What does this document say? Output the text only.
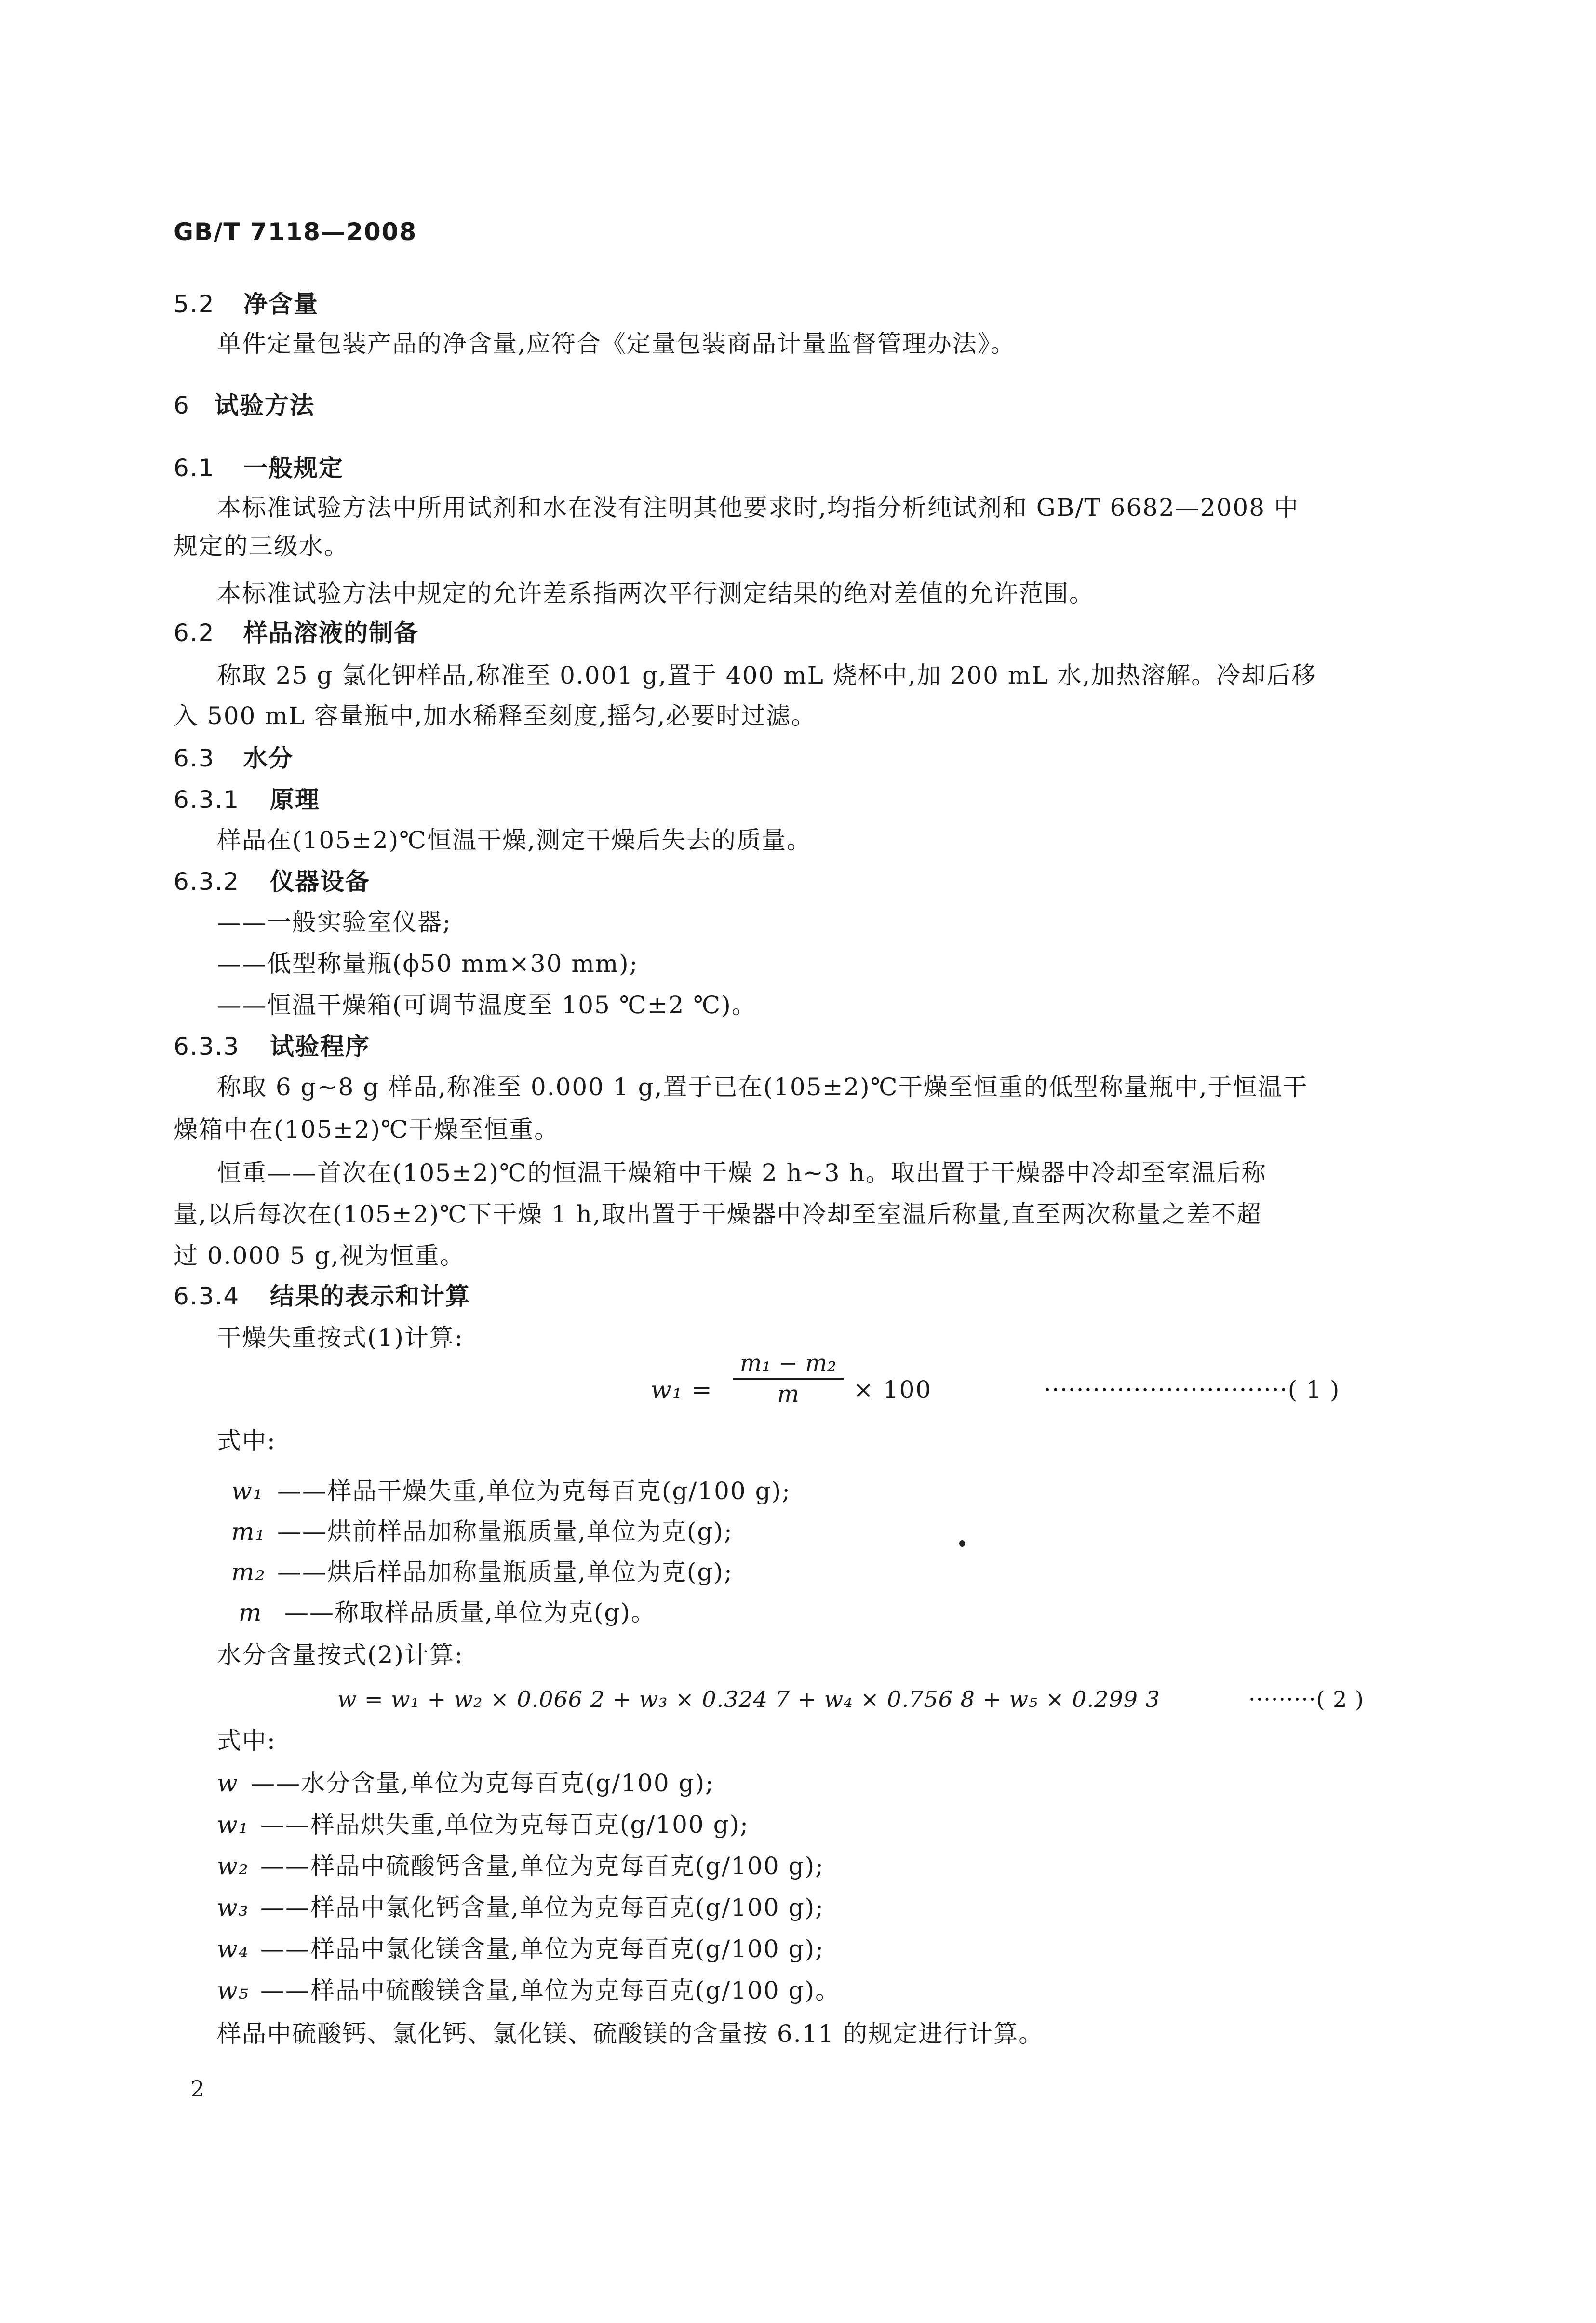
GB/T 7118—2008
5.2 净含量
单件定量包装产品的净含量,应符合《定量包装商品计量监督管理办法》。
6 试验方法
6.1 一般规定
本标准试验方法中所用试剂和水在没有注明其他要求时,均指分析纯试剂和 GB/T 6682—2008 中
规定的三级水。
本标准试验方法中规定的允许差系指两次平行测定结果的绝对差值的允许范围。
6.2 样品溶液的制备
称取 25 g 氯化钾样品,称准至 0.001 g,置于 400 mL 烧杯中,加 200 mL 水,加热溶解。冷却后移
入 500 mL 容量瓶中,加水稀释至刻度,摇匀,必要时过滤。
6.3 水分
6.3.1 原理
样品在(105±2)℃恒温干燥,测定干燥后失去的质量。
6.3.2 仪器设备
——一般实验室仪器;
——低型称量瓶(ϕ50 mm×30 mm);
——恒温干燥箱(可调节温度至 105 ℃±2 ℃)。
6.3.3 试验程序
称取 6 g~8 g 样品,称准至 0.000 1 g,置于已在(105±2)℃干燥至恒重的低型称量瓶中,于恒温干
燥箱中在(105±2)℃干燥至恒重。
恒重——首次在(105±2)℃的恒温干燥箱中干燥 2 h~3 h。取出置于干燥器中冷却至室温后称
量,以后每次在(105±2)℃下干燥 1 h,取出置于干燥器中冷却至室温后称量,直至两次称量之差不超
过 0.000 5 g,视为恒重。
6.3.4 结果的表示和计算
干燥失重按式(1)计算:
w₁ =
m₁ − m₂
m	× 100	······························( 1 )
式中:
w₁ ——样品干燥失重,单位为克每百克(g/100 g);
m₁ ——烘前样品加称量瓶质量,单位为克(g);
m₂ ——烘后样品加称量瓶质量,单位为克(g);
m ——称取样品质量,单位为克(g)。
水分含量按式(2)计算:
w = w₁ + w₂ × 0.066 2 + w₃ × 0.324 7 + w₄ × 0.756 8 + w₅ × 0.299 3	·········( 2 )
式中:
w ——水分含量,单位为克每百克(g/100 g);
w₁ ——样品烘失重,单位为克每百克(g/100 g);
w₂ ——样品中硫酸钙含量,单位为克每百克(g/100 g);
w₃ ——样品中氯化钙含量,单位为克每百克(g/100 g);
w₄ ——样品中氯化镁含量,单位为克每百克(g/100 g);
w₅ ——样品中硫酸镁含量,单位为克每百克(g/100 g)。
样品中硫酸钙、氯化钙、氯化镁、硫酸镁的含量按 6.11 的规定进行计算。
2
